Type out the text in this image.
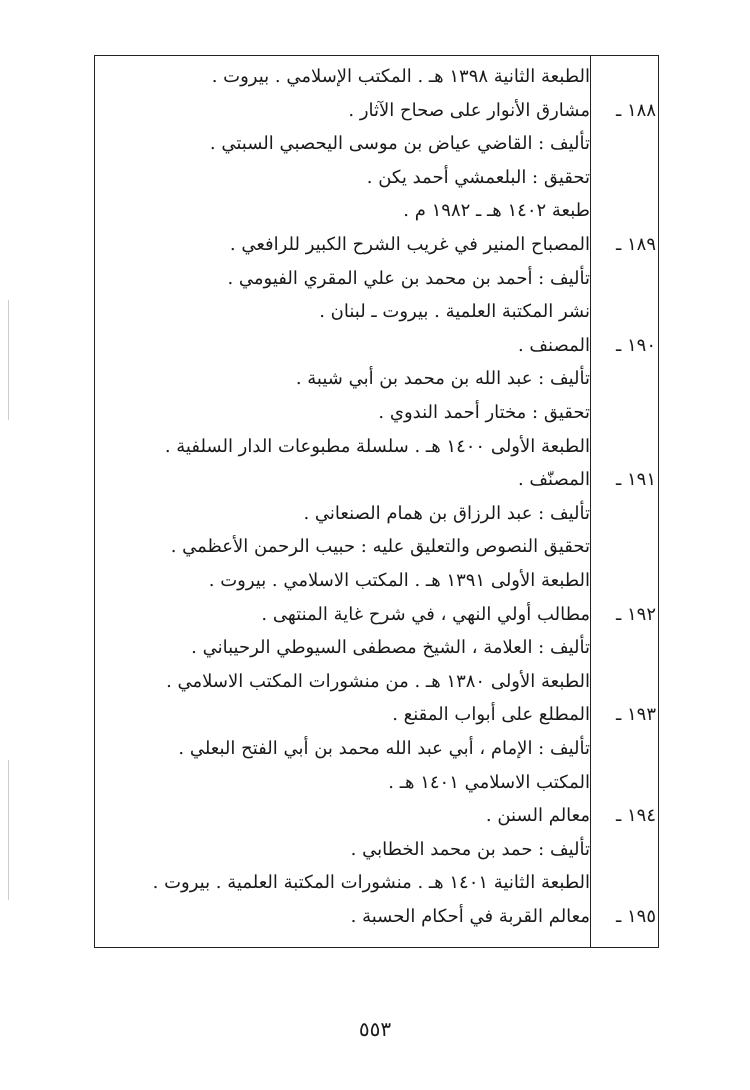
الطبعة الثانية ١٣٩٨ هـ . المكتب الإسلامي . بيروت .
مشارق الأنوار على صحاح الآثار .	١٨٨ ـ
تأليف : القاضي عياض بن موسى اليحصبي السبتي .
تحقيق : البلعمشي أحمد يكن .
طبعة ١٤٠٢ هـ ـ ١٩٨٢ م .
المصباح المنير في غريب الشرح الكبير للرافعي .	١٨٩ ـ
تأليف : أحمد بن محمد بن علي المقري الفيومي .
نشر المكتبة العلمية . بيروت ـ لبنان .
المصنف .	١٩٠ ـ
تأليف : عبد الله بن محمد بن أبي شيبة .
تحقيق : مختار أحمد الندوي .
الطبعة الأولى ١٤٠٠ هـ . سلسلة مطبوعات الدار السلفية .
المصنّف .	١٩١ ـ
تأليف : عبد الرزاق بن همام الصنعاني .
تحقيق النصوص والتعليق عليه : حبيب الرحمن الأعظمي .
الطبعة الأولى ١٣٩١ هـ . المكتب الاسلامي . بيروت .
مطالب أولي النهي ، في شرح غاية المنتهى .	١٩٢ ـ
تأليف : العلامة ، الشيخ مصطفى السيوطي الرحيباني .
الطبعة الأولى ١٣٨٠ هـ . من منشورات المكتب الاسلامي .
المطلع على أبواب المقنع .	١٩٣ ـ
تأليف : الإمام ، أبي عبد الله محمد بن أبي الفتح البعلي .
المكتب الاسلامي ١٤٠١ هـ .
معالم السنن .	١٩٤ ـ
تأليف : حمد بن محمد الخطابي .
الطبعة الثانية ١٤٠١ هـ . منشورات المكتبة العلمية . بيروت .
معالم القربة في أحكام الحسبة .	١٩٥ ـ
٥٥٣
